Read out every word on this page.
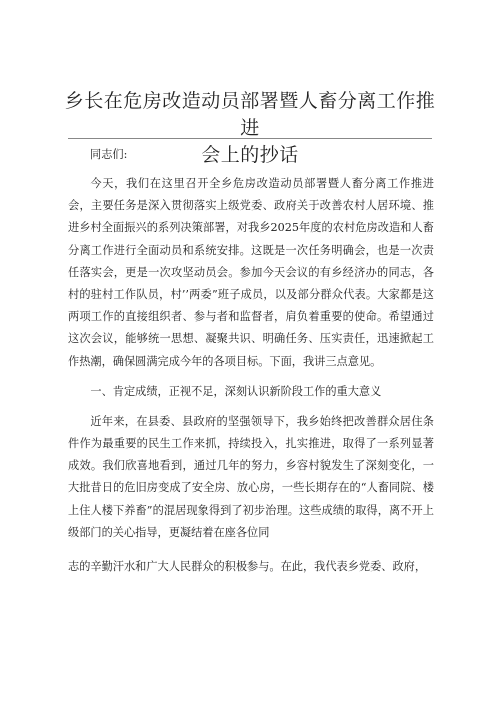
乡长在危房改造动员部署暨人畜分离工作推进
会上的抄话

同志们:

今天，我们在这里召开全乡危房改造动员部署暨人畜分离工作推进会，主要任务是深入贯彻落实上级党委、政府关于改善农村人居环境、推进乡村全面振兴的系列决策部署，对我乡2025年度的农村危房改造和人畜分离工作进行全面动员和系统安排。这既是一次任务明确会，也是一次责任落实会，更是一次攻坚动员会。参加今天会议的有乡经济办的同志，各村的驻村工作队员，村’’两委”班子成员，以及部分群众代表。大家都是这两项工作的直接组织者、参与者和监督者，肩负着重要的使命。希望通过这次会议，能够统一思想、凝聚共识、明确任务、压实责任，迅速掀起工作热潮，确保圆满完成今年的各项目标。下面，我讲三点意见。

一、肯定成绩，正视不足，深刻认识新阶段工作的重大意义

近年来，在县委、县政府的坚强领导下，我乡始终把改善群众居住条件作为最重要的民生工作来抓，持续投入，扎实推进，取得了一系列显著成效。我们欣喜地看到，通过几年的努力，乡容村貌发生了深刻变化，一大批昔日的危旧房变成了安全房、放心房，一些长期存在的“人畜同院、楼上住人楼下养畜”的混居现象得到了初步治理。这些成绩的取得，离不开上级部门的关心指导，更凝结着在座各位同

志的辛勤汗水和广大人民群众的积极参与。在此，我代表乡党委、政府，
